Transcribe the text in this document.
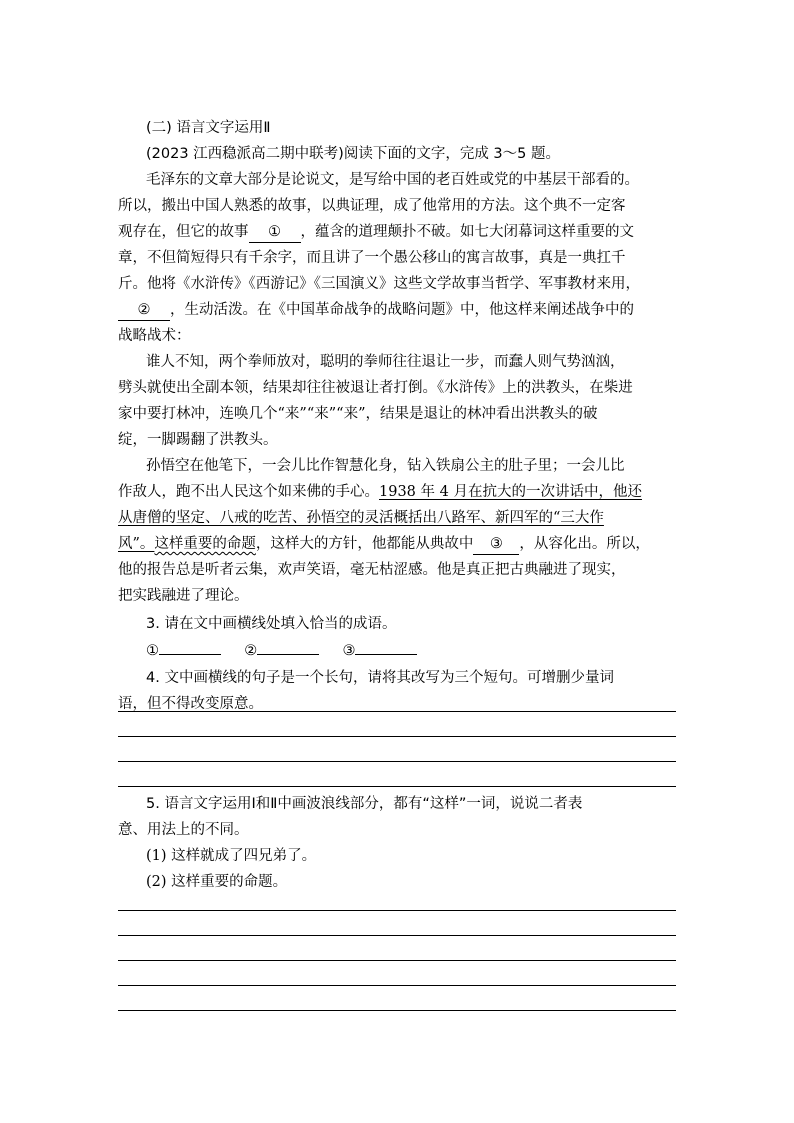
(二) 语言文字运用Ⅱ
(2023 江西稳派高二期中联考)阅读下面的文字，完成 3～5 题。
毛泽东的文章大部分是论说文，是写给中国的老百姓或党的中基层干部看的。
所以，搬出中国人熟悉的故事，以典证理，成了他常用的方法。这个典不一定客
观存在，但它的故事 ① ，蕴含的道理颠扑不破。如七大闭幕词这样重要的文
章，不但简短得只有千余字，而且讲了一个愚公移山的寓言故事，真是一典扛千
斤。他将《水浒传》《西游记》《三国演义》这些文学故事当哲学、军事教材来用，
② ，生动活泼。在《中国革命战争的战略问题》中，他这样来阐述战争中的
战略战术：
谁人不知，两个拳师放对，聪明的拳师往往退让一步，而蠢人则气势汹汹，
劈头就使出全副本领，结果却往往被退让者打倒。《水浒传》上的洪教头，在柴进
家中要打林冲，连唤几个“来”“来”“来”，结果是退让的林冲看出洪教头的破
绽，一脚踢翻了洪教头。
孙悟空在他笔下，一会儿比作智慧化身，钻入铁扇公主的肚子里；一会儿比
作敌人，跑不出人民这个如来佛的手心。1938 年 4 月在抗大的一次讲话中，他还
从唐僧的坚定、八戒的吃苦、孙悟空的灵活概括出八路军、新四军的“三大作
风”。这样重要的命题，这样大的方针，他都能从典故中 ③ ，从容化出。所以，
他的报告总是听者云集，欢声笑语，毫无枯涩感。他是真正把古典融进了现实，
把实践融进了理论。
3. 请在文中画横线处填入恰当的成语。
①	②	③
4. 文中画横线的句子是一个长句，请将其改写为三个短句。可增删少量词
语，但不得改变原意。
5. 语言文字运用Ⅰ和Ⅱ中画波浪线部分，都有“这样”一词，说说二者表
意、用法上的不同。
(1) 这样就成了四兄弟了。
(2) 这样重要的命题。
